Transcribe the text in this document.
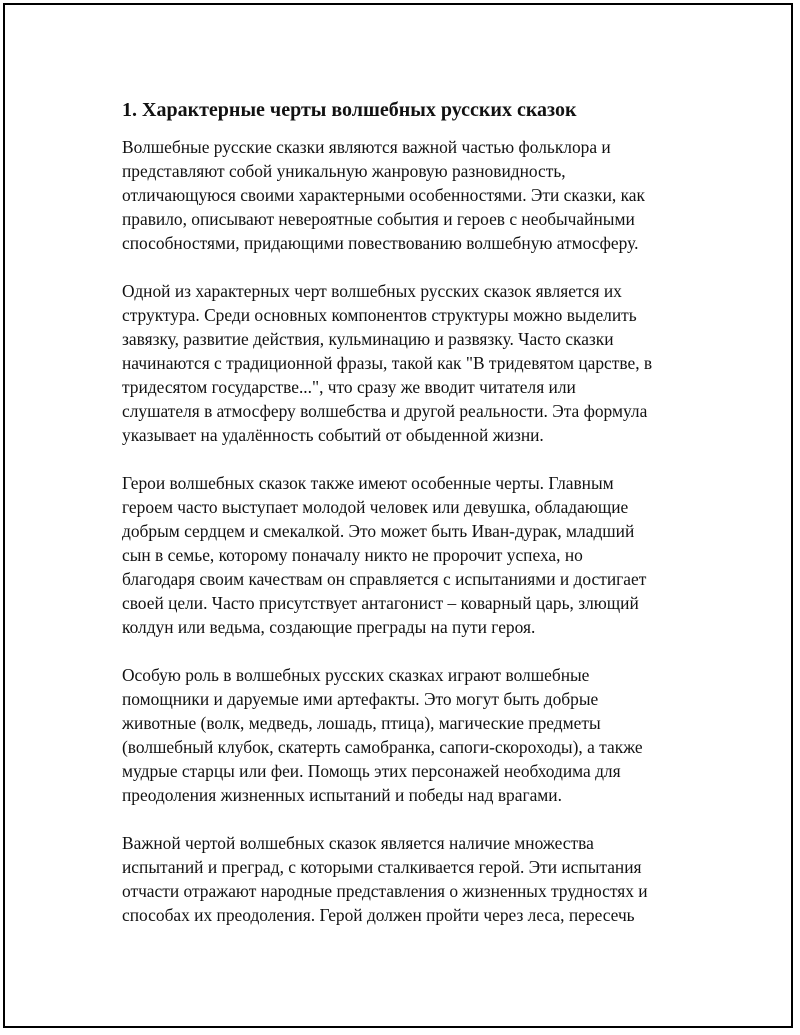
1. Характерные черты волшебных русских сказок

Волшебные русские сказки являются важной частью фольклора и
представляют собой уникальную жанровую разновидность,
отличающуюся своими характерными особенностями. Эти сказки, как
правило, описывают невероятные события и героев с необычайными
способностями, придающими повествованию волшебную атмосферу.

Одной из характерных черт волшебных русских сказок является их
структура. Среди основных компонентов структуры можно выделить
завязку, развитие действия, кульминацию и развязку. Часто сказки
начинаются с традиционной фразы, такой как "В тридевятом царстве, в
тридесятом государстве...", что сразу же вводит читателя или
слушателя в атмосферу волшебства и другой реальности. Эта формула
указывает на удалённость событий от обыденной жизни.

Герои волшебных сказок также имеют особенные черты. Главным
героем часто выступает молодой человек или девушка, обладающие
добрым сердцем и смекалкой. Это может быть Иван-дурак, младший
сын в семье, которому поначалу никто не пророчит успеха, но
благодаря своим качествам он справляется с испытаниями и достигает
своей цели. Часто присутствует антагонист – коварный царь, злющий
колдун или ведьма, создающие преграды на пути героя.

Особую роль в волшебных русских сказках играют волшебные
помощники и даруемые ими артефакты. Это могут быть добрые
животные (волк, медведь, лошадь, птица), магические предметы
(волшебный клубок, скатерть самобранка, сапоги-скороходы), а также
мудрые старцы или феи. Помощь этих персонажей необходима для
преодоления жизненных испытаний и победы над врагами.

Важной чертой волшебных сказок является наличие множества
испытаний и преград, с которыми сталкивается герой. Эти испытания
отчасти отражают народные представления о жизненных трудностях и
способах их преодоления. Герой должен пройти через леса, пересечь
